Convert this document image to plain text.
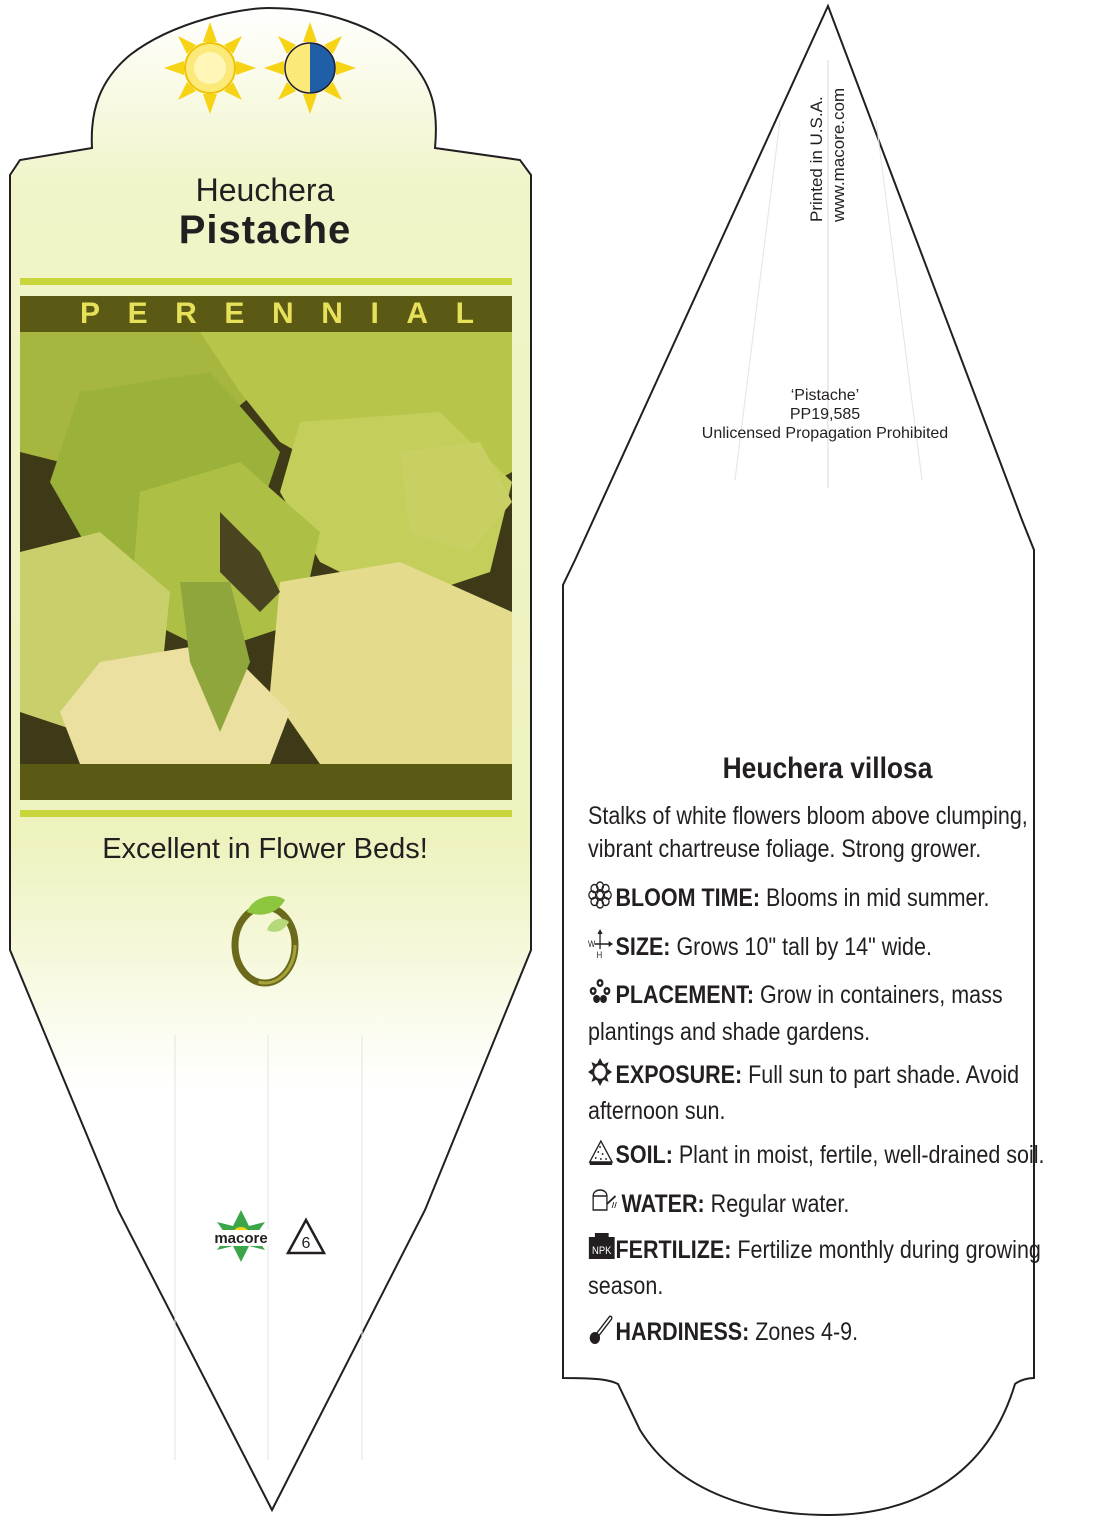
Heuchera
Pistache
P E R E N N I A L
Excellent in Flower Beds!
macore 6
Printed in U.S.A. www.macore.com
‘Pistache’
PP19,585
Unlicensed Propagation Prohibited
Heuchera villosa
Stalks of white flowers bloom above clumping,
vibrant chartreuse foliage. Strong grower.
BLOOM TIME: Blooms in mid summer.
W
H SIZE: Grows 10" tall by 14" wide.
PLACEMENT: Grow in containers, mass
plantings and shade gardens.
EXPOSURE: Full sun to part shade. Avoid
afternoon sun.
SOIL: Plant in moist, fertile, well-drained soil.
WATER: Regular water.
NPK FERTILIZE: Fertilize monthly during growing
season.
HARDINESS: Zones 4-9.
